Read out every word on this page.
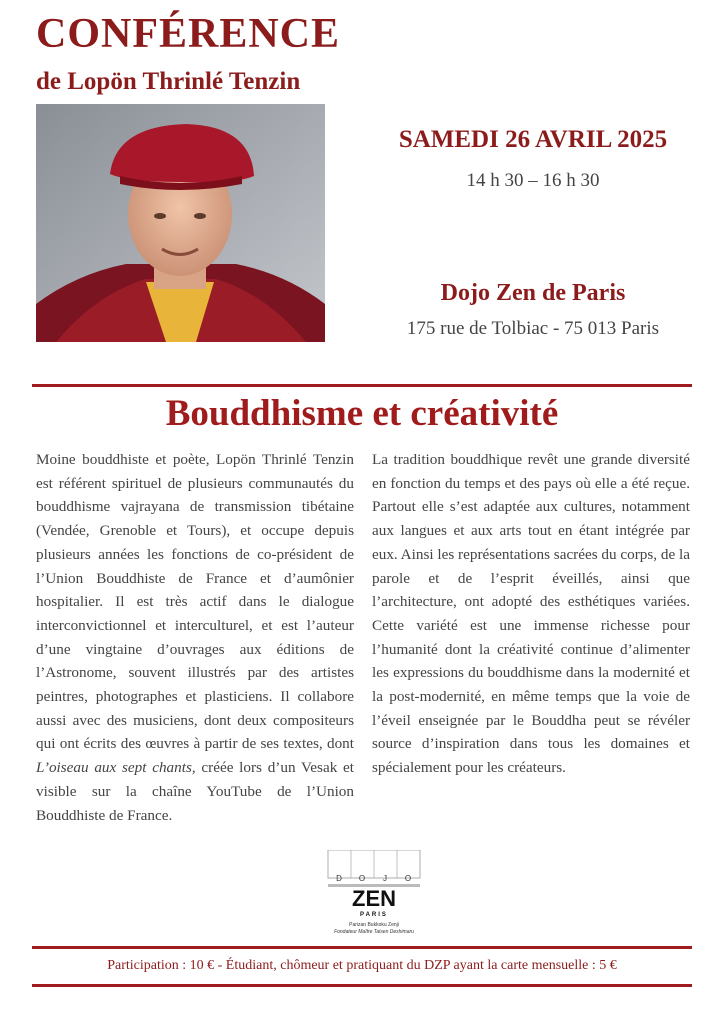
CONFÉRENCE
de Lopön Thrinlé Tenzin
SAMEDI 26 AVRIL 2025
14 h 30 – 16 h 30
Dojo Zen de Paris
175 rue de Tolbiac - 75 013 Paris
Bouddhisme et créativité

Moine bouddhiste et poète, Lopön Thrinlé Tenzin est référent spirituel de plusieurs communautés du bouddhisme vajrayana de transmission tibétaine (Vendée, Grenoble et Tours), et occupe depuis plusieurs années les fonctions de co-président de l’Union Bouddhiste de France et d’aumônier hospitalier. Il est très actif dans le dialogue interconvictionnel et interculturel, et est l’auteur d’une vingtaine d’ouvrages aux éditions de l’Astronome, souvent illustrés par des artistes peintres, photographes et plasticiens. Il collabore aussi avec des musiciens, dont deux compositeurs qui ont écrits des œuvres à partir de ses textes, dont L’oiseau aux sept chants, créée lors d’un Vesak et visible sur la chaîne YouTube de l’Union Bouddhiste de France.

La tradition bouddhique revêt une grande diversité en fonction du temps et des pays où elle a été reçue. Partout elle s’est adaptée aux cultures, notamment aux langues et aux arts tout en étant intégrée par eux. Ainsi les représentations sacrées du corps, de la parole et de l’esprit éveillés, ainsi que l’architecture, ont adopté des esthétiques variées. Cette variété est une immense richesse pour l’humanité dont la créativité continue d’alimenter les expressions du bouddhisme dans la modernité et la post-modernité, en même temps que la voie de l’éveil enseignée par le Bouddha peut se révéler source d’inspiration dans tous les domaines et spécialement pour les créateurs.

D O J O
ZEN
PARIS
Parizan Bukkoku Zenji
Fondateur Maître Taisen Deshimaru
Participation : 10 € - Étudiant, chômeur et pratiquant du DZP ayant la carte mensuelle : 5 €
